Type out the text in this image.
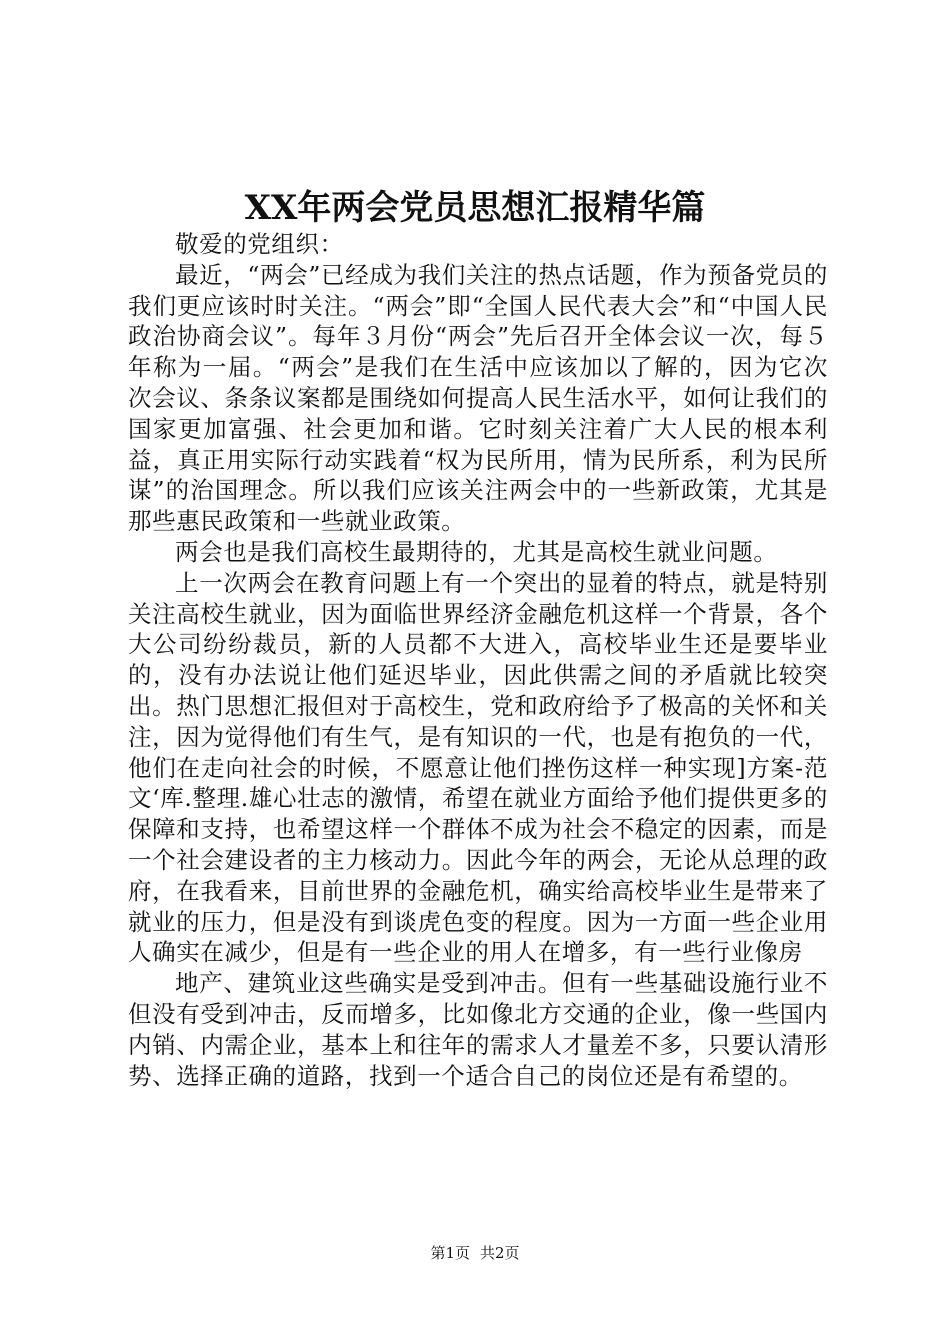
XX年两会党员思想汇报精华篇

敬爱的党组织：

最近，“两会”已经成为我们关注的热点话题，作为预备党员的我们更应该时时关注。“两会”即“全国人民代表大会”和“中国人民政治协商会议”。每年３月份“两会”先后召开全体会议一次，每５年称为一届。“两会”是我们在生活中应该加以了解的，因为它次次会议、条条议案都是围绕如何提高人民生活水平，如何让我们的国家更加富强、社会更加和谐。它时刻关注着广大人民的根本利益，真正用实际行动实践着“权为民所用，情为民所系，利为民所谋”的治国理念。所以我们应该关注两会中的一些新政策，尤其是那些惠民政策和一些就业政策。

两会也是我们高校生最期待的，尤其是高校生就业问题。

上一次两会在教育问题上有一个突出的显着的特点，就是特别关注高校生就业，因为面临世界经济金融危机这样一个背景，各个大公司纷纷裁员，新的人员都不大进入，高校毕业生还是要毕业的，没有办法说让他们延迟毕业，因此供需之间的矛盾就比较突出。热门思想汇报但对于高校生，党和政府给予了极高的关怀和关注，因为觉得他们有生气，是有知识的一代，也是有抱负的一代，他们在走向社会的时候，不愿意让他们挫伤这样一种实现]方案-范文‘库.整理.雄心壮志的激情，希望在就业方面给予他们提供更多的保障和支持，也希望这样一个群体不成为社会不稳定的因素，而是一个社会建设者的主力核动力。因此今年的两会，无论从总理的政府，在我看来，目前世界的金融危机，确实给高校毕业生是带来了就业的压力，但是没有到谈虎色变的程度。因为一方面一些企业用人确实在减少，但是有一些企业的用人在增多，有一些行业像房

地产、建筑业这些确实是受到冲击。但有一些基础设施行业不但没有受到冲击，反而增多，比如像北方交通的企业，像一些国内内销、内需企业，基本上和往年的需求人才量差不多，只要认清形势、选择正确的道路，找到一个适合自己的岗位还是有希望的。

第1页 共2页
